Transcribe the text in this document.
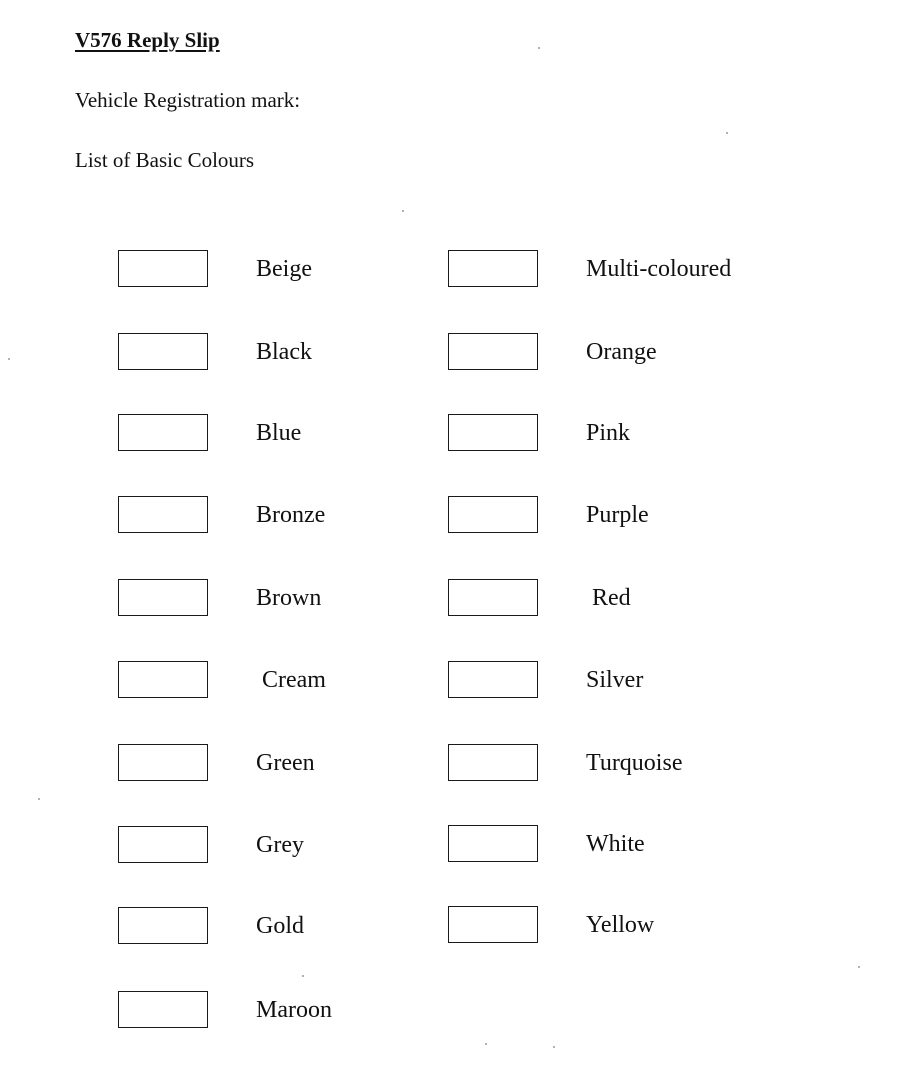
V576 Reply Slip
Vehicle Registration mark:
List of Basic Colours
Beige
Black
Blue
Bronze
Brown
Cream
Green
Grey
Gold
Maroon
Multi-coloured
Orange
Pink
Purple
Red
Silver
Turquoise
White
Yellow
